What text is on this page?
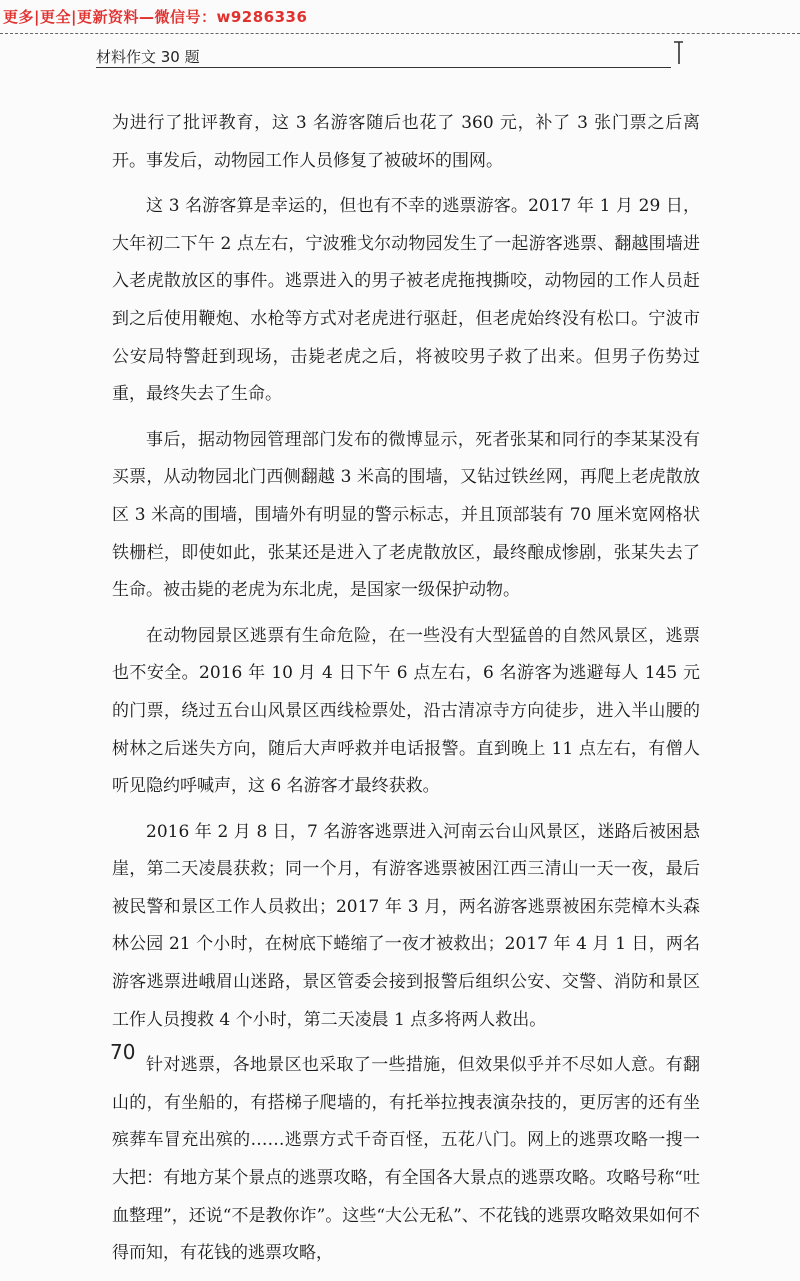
更多|更全|更新资料—微信号：w9286336
材料作文 30 题

为进行了批评教育，这 3 名游客随后也花了 360 元，补了 3 张门票之后离开。事发后，动物园工作人员修复了被破坏的围网。

这 3 名游客算是幸运的，但也有不幸的逃票游客。2017 年 1 月 29 日，大年初二下午 2 点左右，宁波雅戈尔动物园发生了一起游客逃票、翻越围墙进入老虎散放区的事件。逃票进入的男子被老虎拖拽撕咬，动物园的工作人员赶到之后使用鞭炮、水枪等方式对老虎进行驱赶，但老虎始终没有松口。宁波市公安局特警赶到现场，击毙老虎之后，将被咬男子救了出来。但男子伤势过重，最终失去了生命。

事后，据动物园管理部门发布的微博显示，死者张某和同行的李某某没有买票，从动物园北门西侧翻越 3 米高的围墙，又钻过铁丝网，再爬上老虎散放区 3 米高的围墙，围墙外有明显的警示标志，并且顶部装有 70 厘米宽网格状铁栅栏，即使如此，张某还是进入了老虎散放区，最终酿成惨剧，张某失去了生命。被击毙的老虎为东北虎，是国家一级保护动物。

在动物园景区逃票有生命危险，在一些没有大型猛兽的自然风景区，逃票也不安全。2016 年 10 月 4 日下午 6 点左右，6 名游客为逃避每人 145 元的门票，绕过五台山风景区西线检票处，沿古清凉寺方向徒步，进入半山腰的树林之后迷失方向，随后大声呼救并电话报警。直到晚上 11 点左右，有僧人听见隐约呼喊声，这 6 名游客才最终获救。

2016 年 2 月 8 日，7 名游客逃票进入河南云台山风景区，迷路后被困悬崖，第二天凌晨获救；同一个月，有游客逃票被困江西三清山一天一夜，最后被民警和景区工作人员救出；2017 年 3 月，两名游客逃票被困东莞樟木头森林公园 21 个小时，在树底下蜷缩了一夜才被救出；2017 年 4 月 1 日，两名游客逃票进峨眉山迷路，景区管委会接到报警后组织公安、交警、消防和景区工作人员搜救 4 个小时，第二天凌晨 1 点多将两人救出。

针对逃票，各地景区也采取了一些措施，但效果似乎并不尽如人意。有翻山的，有坐船的，有搭梯子爬墙的，有托举拉拽表演杂技的，更厉害的还有坐殡葬车冒充出殡的……逃票方式千奇百怪，五花八门。网上的逃票攻略一搜一大把：有地方某个景点的逃票攻略，有全国各大景点的逃票攻略。攻略号称“吐血整理”，还说“不是教你诈”。这些“大公无私”、不花钱的逃票攻略效果如何不得而知，有花钱的逃票攻略，

70
